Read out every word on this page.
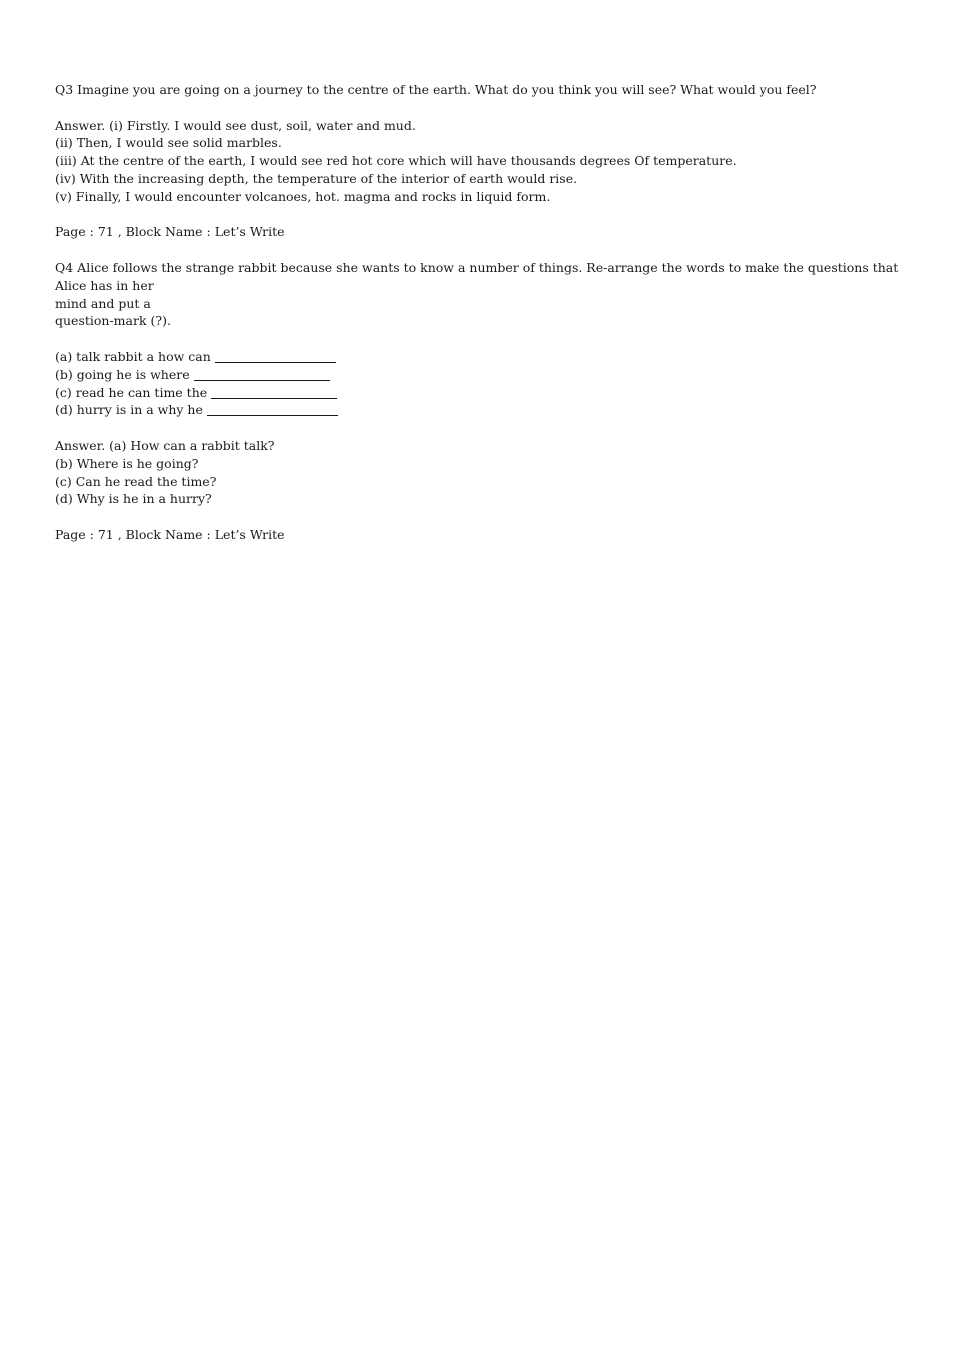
Q3 Imagine you are going on a journey to the centre of the earth. What do you think you will see? What would you feel?
Answer. (i) Firstly. I would see dust, soil, water and mud.
(ii) Then, I would see solid marbles.
(iii) At the centre of the earth, I would see red hot core which will have thousands degrees Of temperature.
(iv) With the increasing depth, the temperature of the interior of earth would rise.
(v) Finally, I would encounter volcanoes, hot. magma and rocks in liquid form.
Page : 71 , Block Name : Let’s Write
Q4 Alice follows the strange rabbit because she wants to know a number of things. Re-arrange the words to make the questions that Alice has in her
mind and put a
question-mark (?).
(a) talk rabbit a how can
(b) going he is where
(c) read he can time the
(d) hurry is in a why he
Answer. (a) How can a rabbit talk?
(b) Where is he going?
(c) Can he read the time?
(d) Why is he in a hurry?
Page : 71 , Block Name : Let’s Write
